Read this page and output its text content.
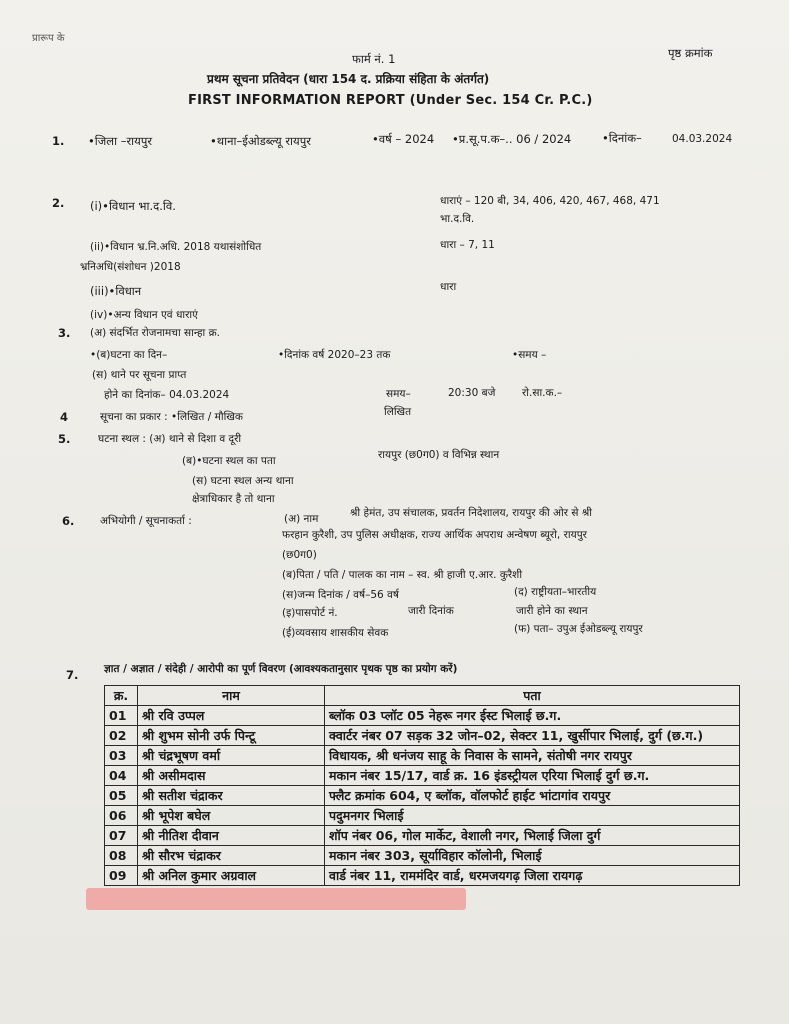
प्रारूप के
फार्म नं. 1	पृष्ठ क्रमांक
प्रथम सूचना प्रतिवेदन (धारा 154 द. प्रक्रिया संहिता के अंतर्गत)
FIRST INFORMATION REPORT (Under Sec. 154 Cr. P.C.)
1. •जिला –रायपुर	•थाना–ईओडब्ल्यू रायपुर	•वर्ष – 2024 •प्र.सू.प.क–.. 06 / 2024	•दिनांक–	04.03.2024
2. (i)•विधान भा.द.वि.	धाराएं – 120 बी, 34, 406, 420, 467, 468, 471
भा.द.वि.
(ii)•विधान भ्र.नि.अधि. 2018 यथासंशोधित
भ्रनिअधि(संशोधन )2018
धारा – 7, 11
(iii)•विधान	धारा
(iv)•अन्य विधान एवं धाराएं
3. (अ) संदर्भित रोजनामचा सान्हा क्र.
•(ब)घटना का दिन–	•दिनांक वर्ष 2020–23 तक	•समय –
(स) थाने पर सूचना प्राप्त
होने का दिनांक– 04.03.2024	समय–	20:30 बजे	रो.सा.क.–
4	सूचना का प्रकार : •लिखित / मौखिक	लिखित
5.	घटना स्थल : (अ) थाने से दिशा व दूरी
(ब)•घटना स्थल का पता	रायपुर (छ0ग0) व विभिन्न स्थान
(स) घटना स्थल अन्य थाना
क्षेत्राधिकार है तो थाना
6. अभियोगी / सूचनाकर्ता :	(अ) नाम	श्री हेमंत, उप संचालक, प्रवर्तन निदेशालय, रायपुर की ओर से श्री
फरहान कुरैशी, उप पुलिस अधीक्षक, राज्य आर्थिक अपराध अन्वेषण ब्यूरो, रायपुर
(छ0ग0)
(ब)पिता / पति / पालक का नाम – स्व. श्री हाजी ए.आर. कुरैशी
(स)जन्म दिनांक / वर्ष–56 वर्ष	(द) राष्ट्रीयता–भारतीय
(इ)पासपोर्ट नं.	जारी दिनांक	जारी होने का स्थान
(ई)व्यवसाय शासकीय सेवक	(फ) पता– उपुअ ईओडब्ल्यू रायपुर
7. ज्ञात / अज्ञात / संदेही / आरोपी का पूर्ण विवरण (आवश्यकतानुसार पृथक पृष्ठ का प्रयोग करें)
क्र.	नाम	पता
01	श्री रवि उप्पल	ब्लॉक 03 प्लॉट 05 नेहरू नगर ईस्ट भिलाई छ.ग.
02	श्री शुभम सोनी उर्फ पिन्टू	क्वार्टर नंबर 07 सड़क 32 जोन–02, सेक्टर 11, खुर्सीपार भिलाई, दुर्ग (छ.ग.)
03	श्री चंद्रभूषण वर्मा	विधायक, श्री धनंजय साहू के निवास के सामने, संतोषी नगर रायपुर
04	श्री असीमदास	मकान नंबर 15/17, वार्ड क्र. 16 इंडस्ट्रीयल एरिया भिलाई दुर्ग छ.ग.
05	श्री सतीश चंद्राकर	फ्लैट क्रमांक 604, ए ब्लॉक, वॉलफोर्ट हाईट भांटागांव रायपुर
06	श्री भूपेश बघेल	पदुमनगर भिलाई
07	श्री नीतिश दीवान	शॉप नंबर 06, गोल मार्केट, वेशाली नगर, भिलाई जिला दुर्ग
08	श्री सौरभ चंद्राकर	मकान नंबर 303, सूर्याविहार कॉलोनी, भिलाई
09	श्री अनिल कुमार अग्रवाल	वार्ड नंबर 11, राममंदिर वार्ड, धरमजयगढ़ जिला रायगढ़
